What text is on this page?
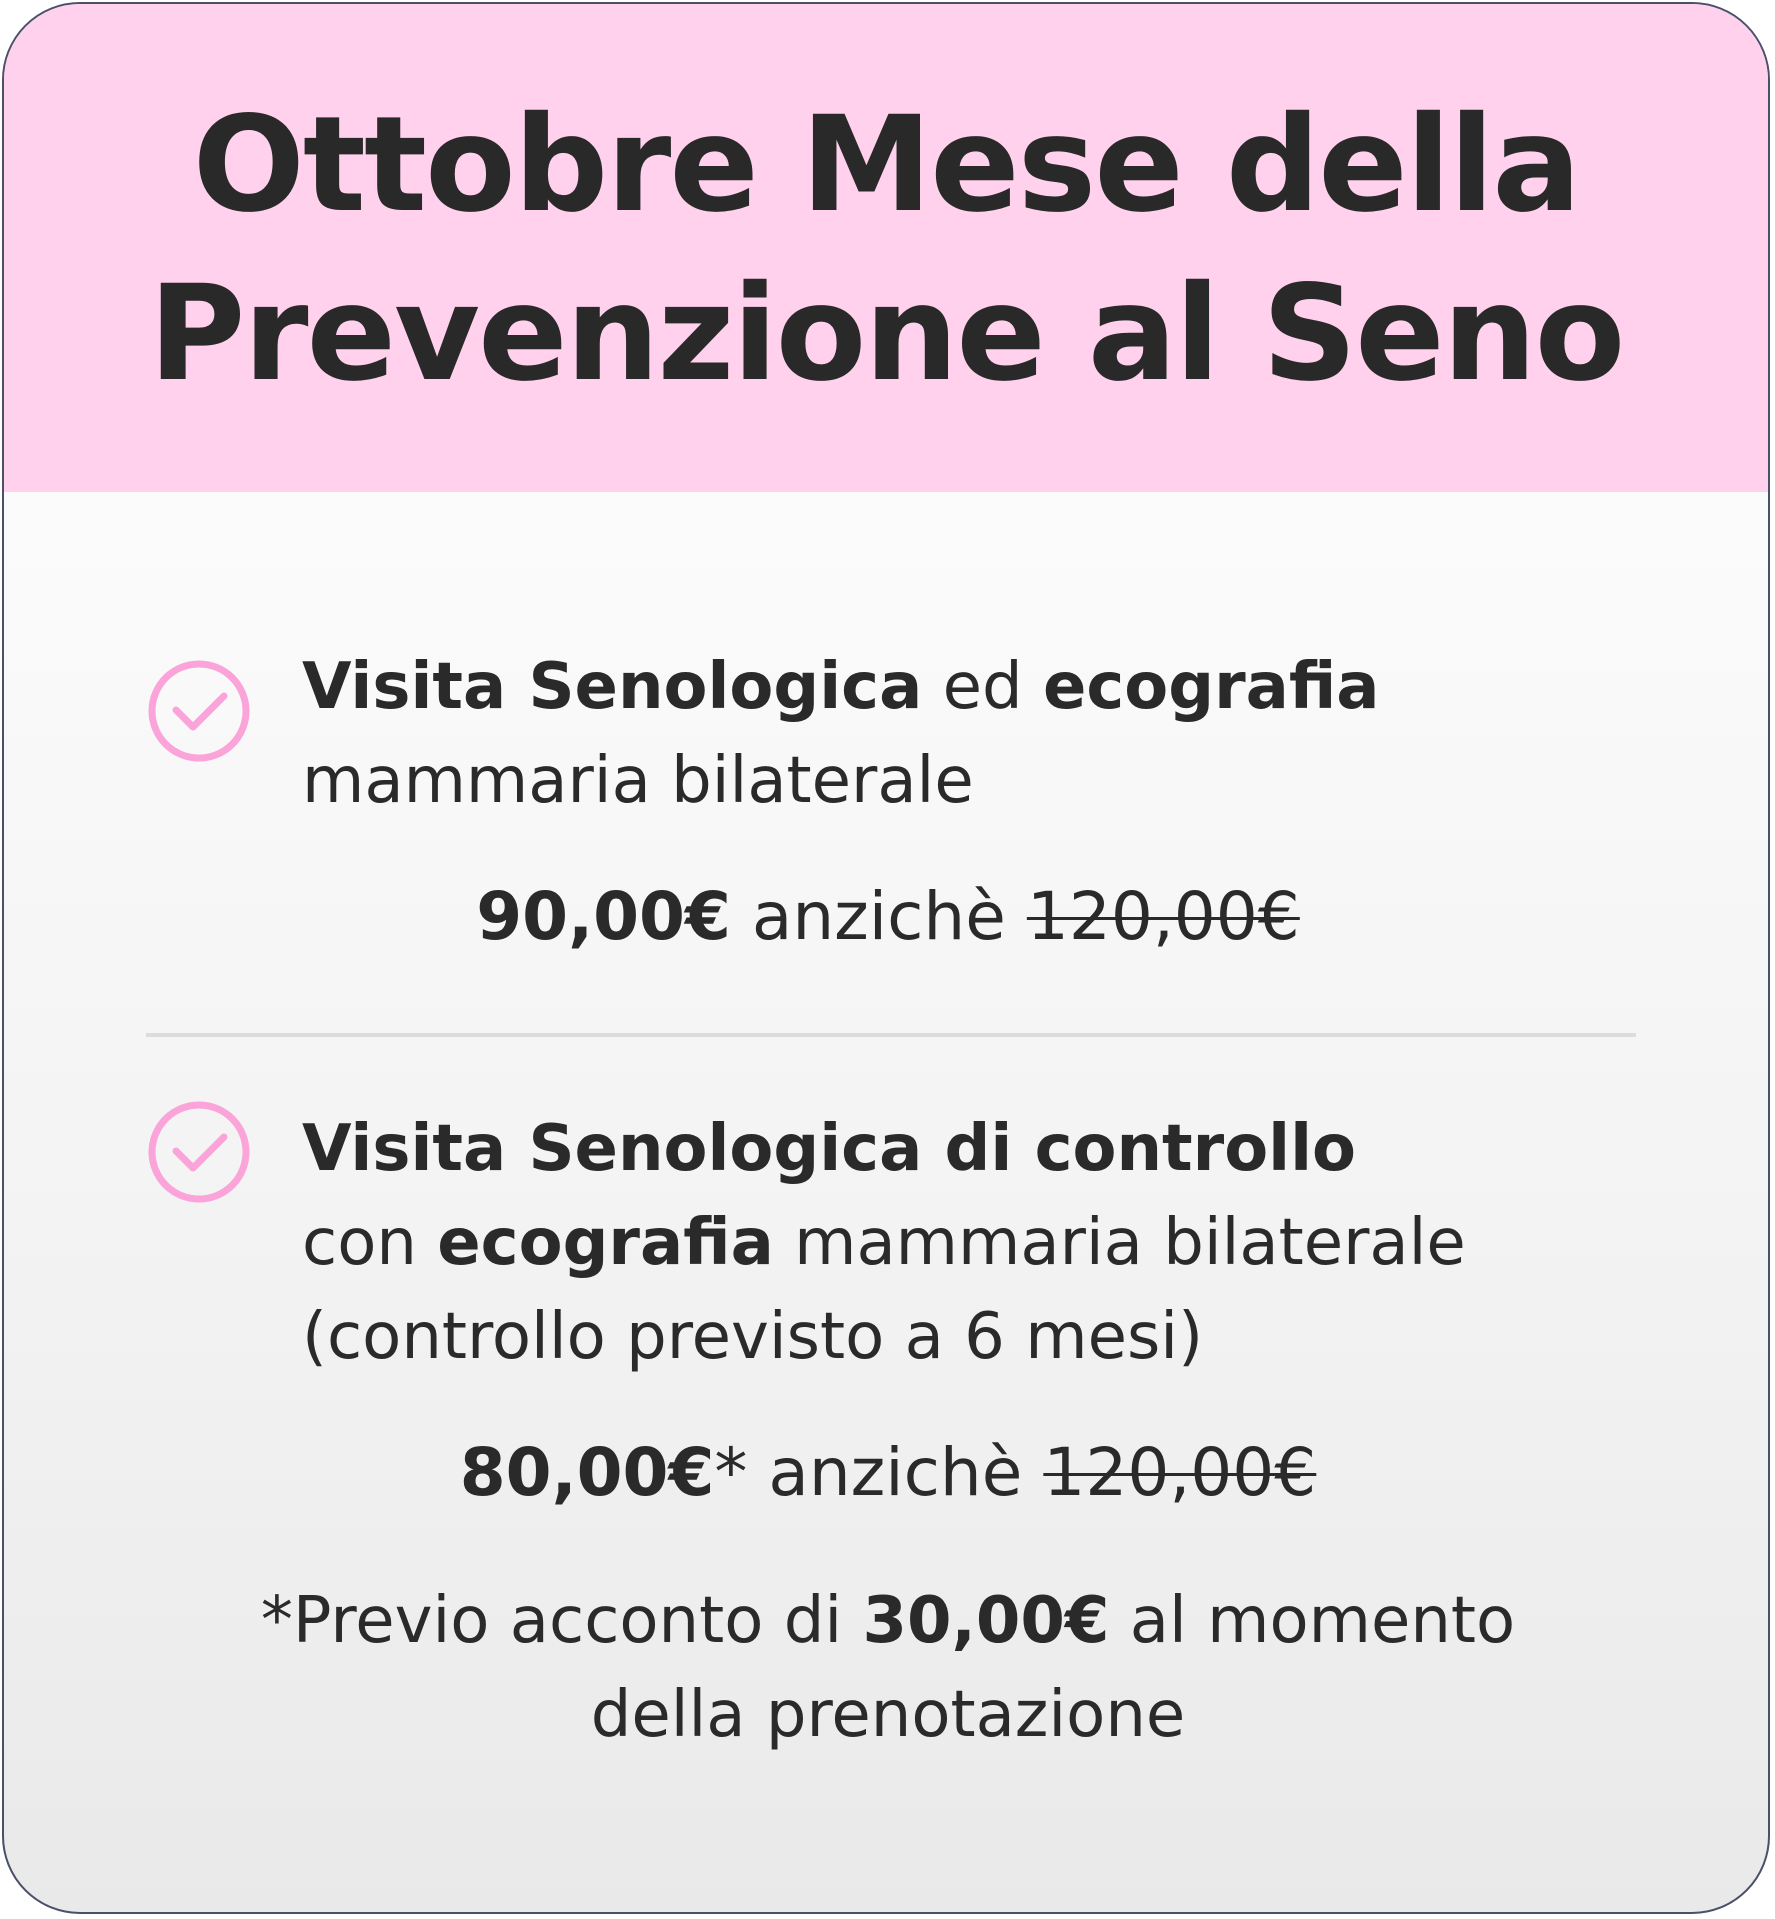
Ottobre Mese della
Prevenzione al Seno
Visita Senologica ed ecografia
mammaria bilaterale
90,00€ anzichè 120,00€
Visita Senologica di controllo
con ecografia mammaria bilaterale
(controllo previsto a 6 mesi)
80,00€* anzichè 120,00€
*Previo acconto di 30,00€ al momento
della prenotazione
